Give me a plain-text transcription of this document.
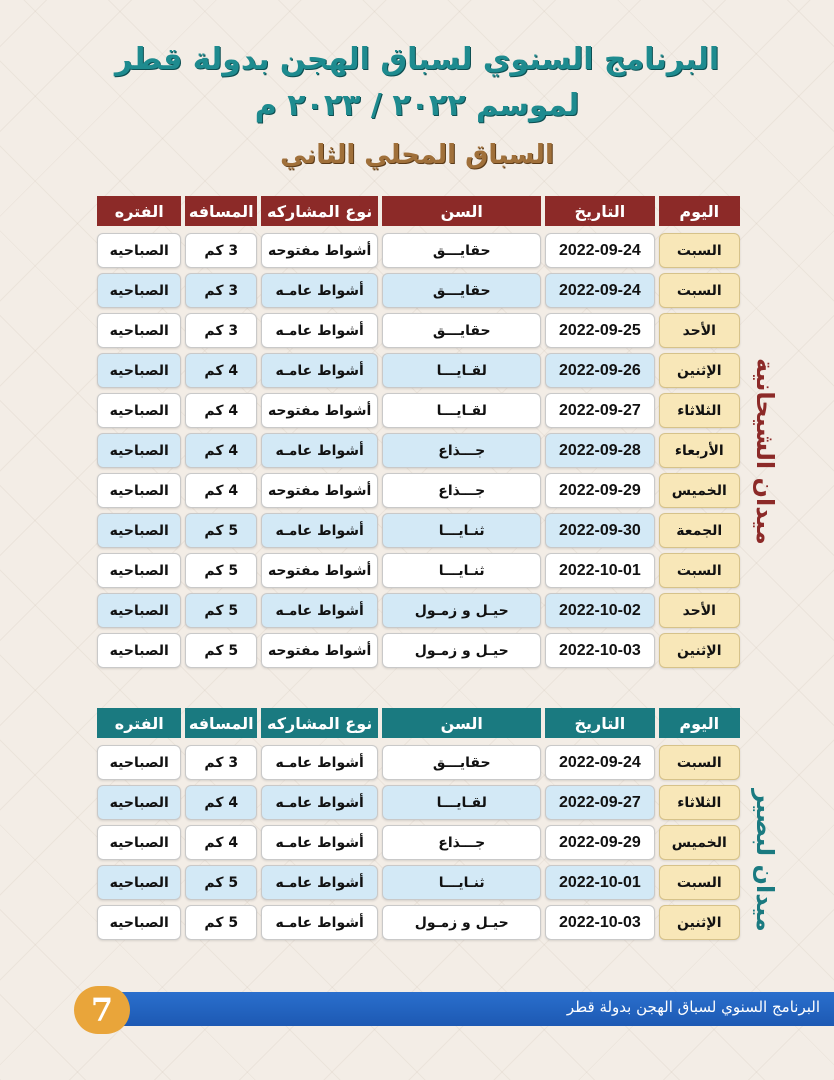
البرنامج السنوي لسباق الهجن بدولة قطر
لموسم ٢٠٢٢ / ٢٠٢٣ م
السباق المحلي الثاني
اليوم
التاريخ
السن
نوع المشاركه
المسافه
الفتره
السبت
2022-09-24
حقايـــق
أشواط مفتوحه
3 كم
الصباحيه
السبت
2022-09-24
حقايـــق
أشواط عامـه
3 كم
الصباحيه
الأحد
2022-09-25
حقايـــق
أشواط عامـه
3 كم
الصباحيه
الإثنين
2022-09-26
لقـايـــا
أشواط عامـه
4 كم
الصباحيه
الثلاثاء
2022-09-27
لقـايـــا
أشواط مفتوحه
4 كم
الصباحيه
الأربعاء
2022-09-28
جـــذاع
أشواط عامـه
4 كم
الصباحيه
الخميس
2022-09-29
جـــذاع
أشواط مفتوحه
4 كم
الصباحيه
الجمعة
2022-09-30
ثنـايـــا
أشواط عامـه
5 كم
الصباحيه
السبت
2022-10-01
ثنـايـــا
أشواط مفتوحه
5 كم
الصباحيه
الأحد
2022-10-02
حيـل و زمـول
أشواط عامـه
5 كم
الصباحيه
الإثنين
2022-10-03
حيـل و زمـول
أشواط مفتوحه
5 كم
الصباحيه
ميدان الشيحانية
اليوم
التاريخ
السن
نوع المشاركه
المسافه
الفتره
السبت
2022-09-24
حقايـــق
أشواط عامـه
3 كم
الصباحيه
الثلاثاء
2022-09-27
لقـايـــا
أشواط عامـه
4 كم
الصباحيه
الخميس
2022-09-29
جـــذاع
أشواط عامـه
4 كم
الصباحيه
السبت
2022-10-01
ثنـايـــا
أشواط عامـه
5 كم
الصباحيه
الإثنين
2022-10-03
حيـل و زمـول
أشواط عامـه
5 كم
الصباحيه	ميدان لبصير
البرنامج السنوي لسباق الهجن بدولة قطر
7
